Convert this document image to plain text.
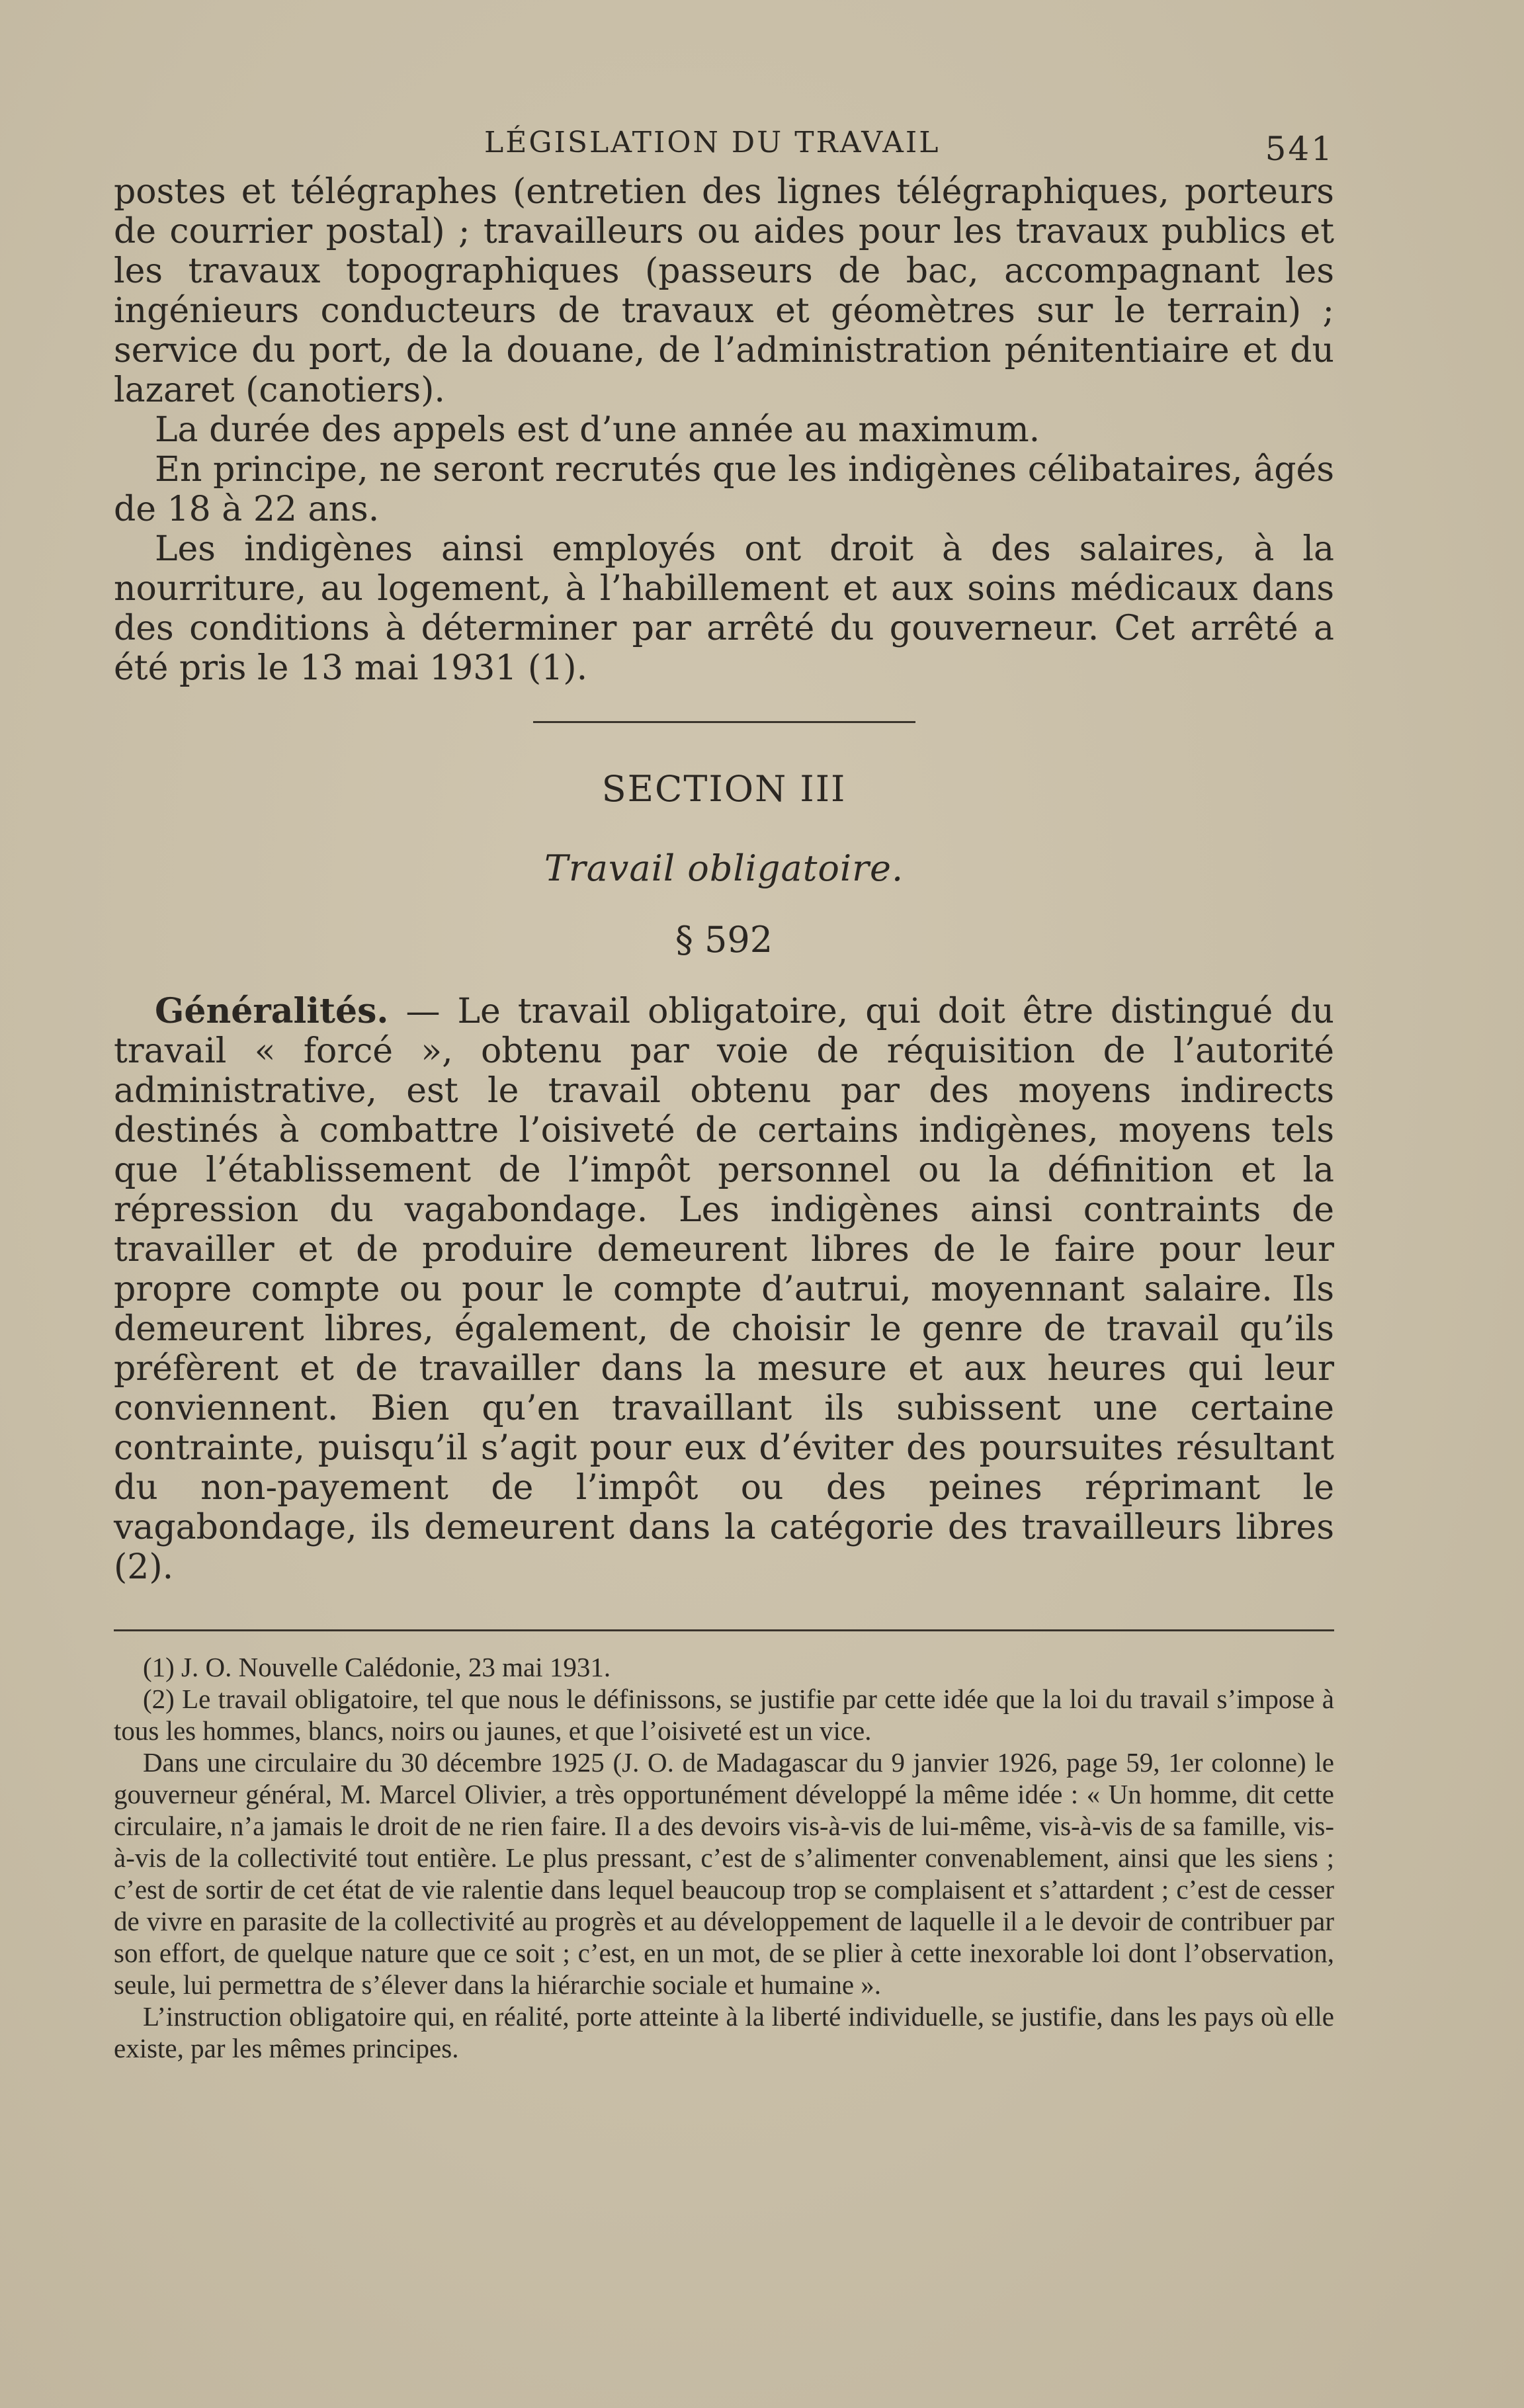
LÉGISLATION DU TRAVAIL	541

postes et télégraphes (entretien des lignes télégraphiques, porteurs de courrier postal) ; travailleurs ou aides pour les travaux publics et les travaux topographiques (passeurs de bac, accompagnant les ingénieurs conducteurs de travaux et géomètres sur le terrain) ; service du port, de la douane, de l’administration pénitentiaire et du lazaret (canotiers).

La durée des appels est d’une année au maximum.

En principe, ne seront recrutés que les indigènes célibataires, âgés de 18 à 22 ans.

Les indigènes ainsi employés ont droit à des salaires, à la nourriture, au logement, à l’habillement et aux soins médicaux dans des conditions à déterminer par arrêté du gouverneur. Cet arrêté a été pris le 13 mai 1931 (1).

SECTION III
Travail obligatoire.
§ 592

Généralités. — Le travail obligatoire, qui doit être distingué du travail « forcé », obtenu par voie de réquisition de l’autorité administrative, est le travail obtenu par des moyens indirects destinés à combattre l’oisiveté de certains indigènes, moyens tels que l’établissement de l’impôt personnel ou la définition et la répression du vagabondage. Les indigènes ainsi contraints de travailler et de produire demeurent libres de le faire pour leur propre compte ou pour le compte d’autrui, moyennant salaire. Ils demeurent libres, également, de choisir le genre de travail qu’ils préfèrent et de travailler dans la mesure et aux heures qui leur conviennent. Bien qu’en travaillant ils subissent une certaine contrainte, puisqu’il s’agit pour eux d’éviter des poursuites résultant du non-payement de l’impôt ou des peines réprimant le vagabondage, ils demeurent dans la catégorie des travailleurs libres (2).

(1) J. O. Nouvelle Calédonie, 23 mai 1931.

(2) Le travail obligatoire, tel que nous le définissons, se justifie par cette idée que la loi du travail s’impose à tous les hommes, blancs, noirs ou jaunes, et que l’oisiveté est un vice.

Dans une circulaire du 30 décembre 1925 (J. O. de Madagascar du 9 janvier 1926, page 59, 1er colonne) le gouverneur général, M. Marcel Olivier, a très opportunément développé la même idée : « Un homme, dit cette circulaire, n’a jamais le droit de ne rien faire. Il a des devoirs vis-à-vis de lui-même, vis-à-vis de sa famille, vis-à-vis de la collectivité tout entière. Le plus pressant, c’est de s’alimenter convenablement, ainsi que les siens ; c’est de sortir de cet état de vie ralentie dans lequel beaucoup trop se complaisent et s’attardent ; c’est de cesser de vivre en parasite de la collectivité au progrès et au développement de laquelle il a le devoir de contribuer par son effort, de quelque nature que ce soit ; c’est, en un mot, de se plier à cette inexorable loi dont l’observation, seule, lui permettra de s’élever dans la hiérarchie sociale et humaine ».

L’instruction obligatoire qui, en réalité, porte atteinte à la liberté individuelle, se justifie, dans les pays où elle existe, par les mêmes principes.
